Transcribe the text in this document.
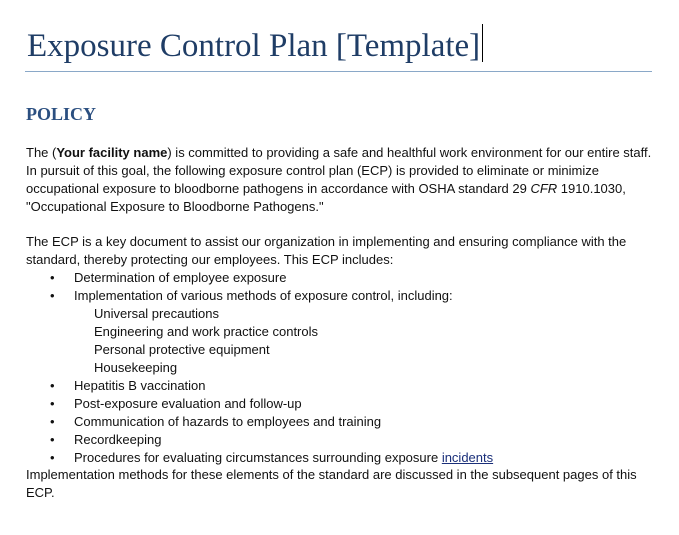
Exposure Control Plan [Template]
POLICY
The (Your facility name) is committed to providing a safe and healthful work environment for our entire staff. In pursuit of this goal, the following exposure control plan (ECP) is provided to eliminate or minimize occupational exposure to bloodborne pathogens in accordance with OSHA standard 29 CFR 1910.1030, "Occupational Exposure to Bloodborne Pathogens."
The ECP is a key document to assist our organization in implementing and ensuring compliance with the standard, thereby protecting our employees. This ECP includes:
• Determination of employee exposure
• Implementation of various methods of exposure control, including:
Universal precautions
Engineering and work practice controls
Personal protective equipment
Housekeeping
• Hepatitis B vaccination
• Post-exposure evaluation and follow-up
• Communication of hazards to employees and training
• Recordkeeping
• Procedures for evaluating circumstances surrounding exposure incidents
Implementation methods for these elements of the standard are discussed in the subsequent pages of this ECP.
